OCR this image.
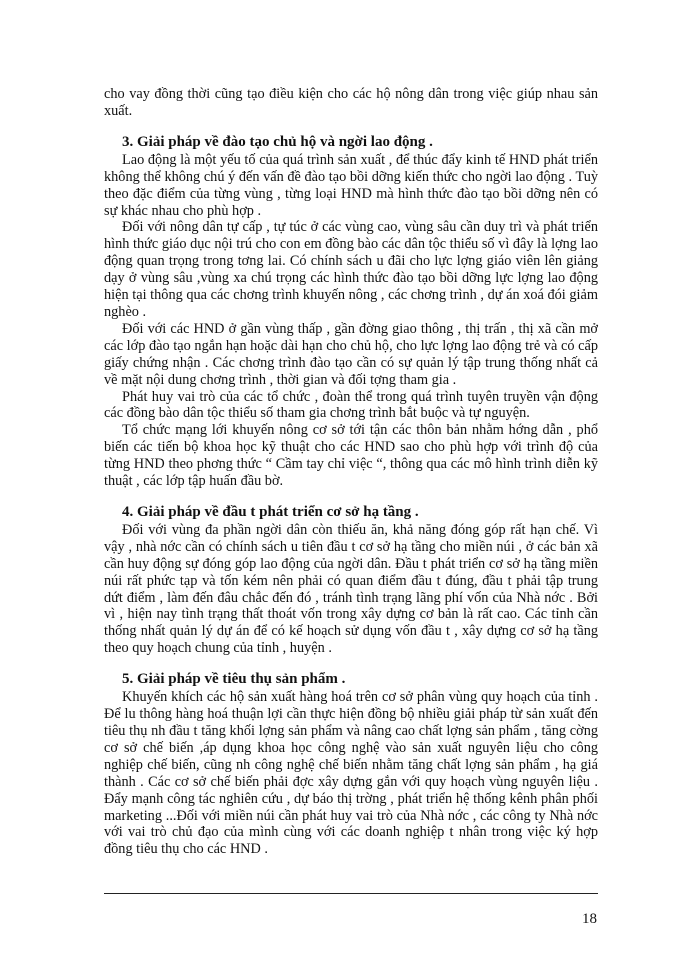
cho vay đồng thời cũng tạo điều kiện cho các hộ nông dân trong việc giúp nhau sản xuất.

3. Giải pháp về đào tạo chủ hộ và ngời lao động .

Lao động là một yếu tố của quá trình sản xuất , để thúc đẩy kinh tế HND phát triển không thể không chú ý đến vấn đề đào tạo bồi dỡng kiến thức cho ngời lao động . Tuỳ theo đặc điểm của từng vùng , từng loại HND mà hình thức đào tạo bồi dỡng nên có sự khác nhau cho phù hợp .

Đối với nông dân tự cấp , tự túc ở các vùng cao, vùng sâu cần duy trì và phát triển hình thức giáo dục nội trú cho con em đồng bào các dân tộc thiểu số vì đây là lợng lao động quan trọng trong tơng lai. Có chính sách u đãi cho lực lợng giáo viên lên giảng dạy ở vùng sâu ,vùng xa chú trọng các hình thức đào tạo bồi dỡng lực lợng lao động hiện tại thông qua các chơng trình khuyến nông , các chơng trình , dự án xoá đói giảm nghèo .

Đối với các HND ở gần vùng thấp , gần đờng giao thông , thị trấn , thị xã cần mở các lớp đào tạo ngắn hạn hoặc dài hạn cho chủ hộ, cho lực lợng lao động trẻ và có cấp giấy chứng nhận . Các chơng trình đào tạo cần có sự quản lý tập trung thống nhất cả về mặt nội dung chơng trình , thời gian và đối tợng tham gia .

Phát huy vai trò của các tổ chức , đoàn thể trong quá trình tuyên truyền vận động các đồng bào dân tộc thiểu số tham gia chơng trình bắt buộc và tự nguyện.

Tổ chức mạng lới khuyến nông cơ sở tới tận các thôn bản nhằm hớng dẫn , phổ biến các tiến bộ khoa học kỹ thuật cho các HND sao cho phù hợp với trình độ của từng HND theo phơng thức “ Cầm tay chỉ việc “, thông qua các mô hình trình diễn kỹ thuật , các lớp tập huấn đầu bờ.

4. Giải pháp về đầu t phát triển cơ sở hạ tầng .

Đối với vùng đa phần ngời dân còn thiếu ăn, khả năng đóng góp rất hạn chế. Vì vậy , nhà nớc cần có chính sách u tiên đầu t cơ sở hạ tầng cho miền núi , ở các bản xã cần huy động sự đóng góp lao động của ngời dân. Đầu t phát triển cơ sở hạ tầng miền núi rất phức tạp và tốn kém nên phải có quan điểm đầu t đúng, đầu t phải tập trung dứt điểm , làm đến đâu chắc đến đó , tránh tình trạng lãng phí vốn của Nhà nớc . Bởi vì , hiện nay tình trạng thất thoát vốn trong xây dựng cơ bản là rất cao. Các tỉnh cần thống nhất quản lý dự án để có kế hoạch sử dụng vốn đầu t , xây dựng cơ sở hạ tầng theo quy hoạch chung của tỉnh , huyện .

5. Giải pháp về tiêu thụ sản phẩm .

Khuyến khích các hộ sản xuất hàng hoá trên cơ sở phân vùng quy hoạch của tỉnh . Để lu thông hàng hoá thuận lợi cần thực hiện đồng bộ nhiều giải pháp từ sản xuất đến tiêu thụ nh đầu t tăng khối lợng sản phẩm và nâng cao chất lợng sản phẩm , tăng cờng cơ sở chế biến ,áp dụng khoa học công nghệ vào sản xuất nguyên liệu cho công nghiệp chế biến, cũng nh công nghệ chế biến nhằm tăng chất lợng sản phẩm , hạ giá thành . Các cơ sở chế biến phải đợc xây dựng gắn với quy hoạch vùng nguyên liệu . Đẩy mạnh công tác nghiên cứu , dự báo thị trờng , phát triển hệ thống kênh phân phối marketing ...Đối với miền núi cần phát huy vai trò của Nhà nớc , các công ty Nhà nớc với vai trò chủ đạo của mình cùng với các doanh nghiệp t nhân trong việc ký hợp đồng tiêu thụ cho các HND .

18
